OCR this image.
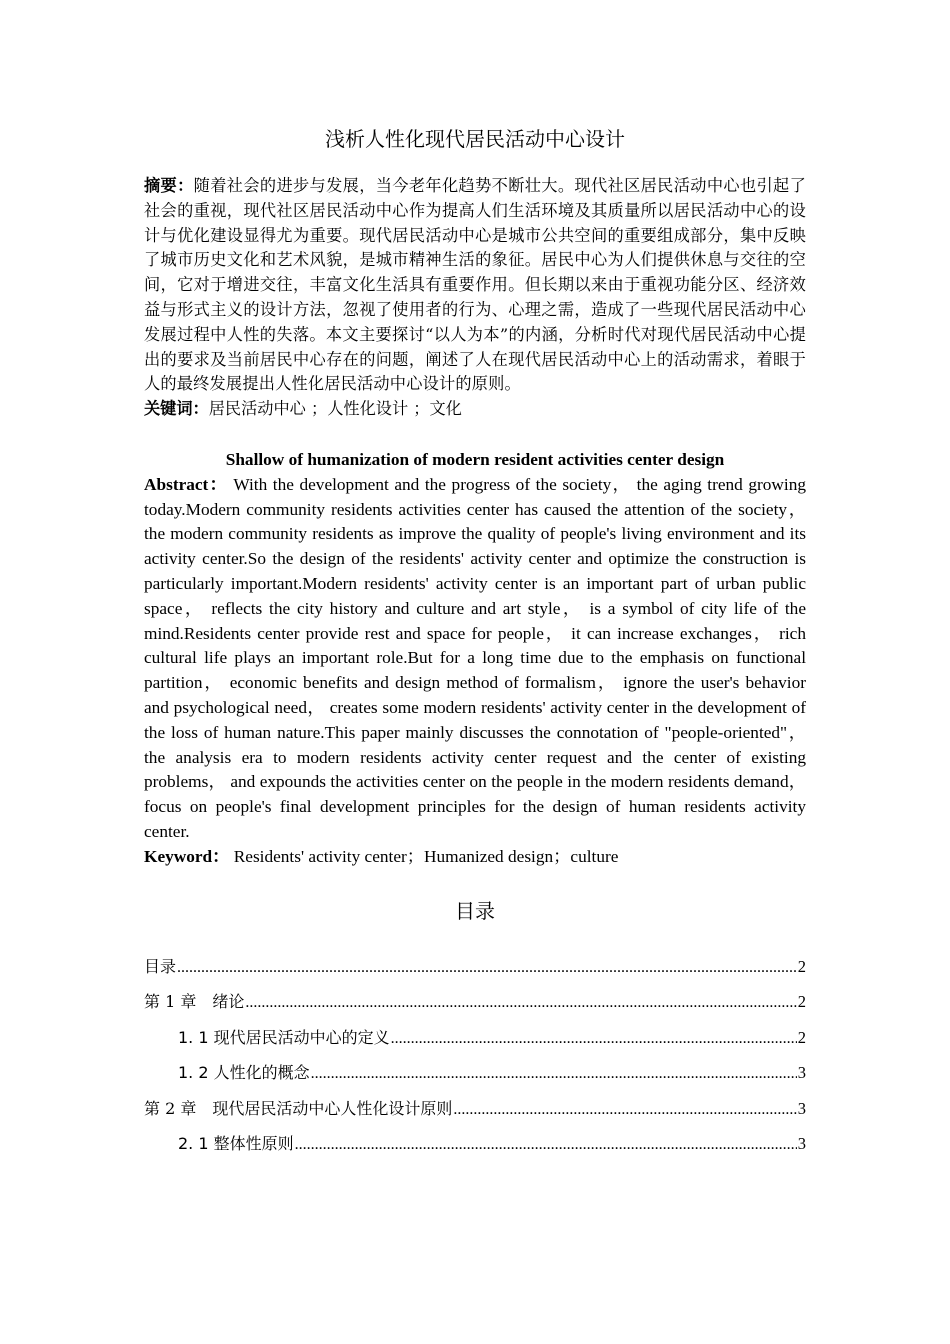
浅析人性化现代居民活动中心设计

摘要：随着社会的进步与发展，当今老年化趋势不断壮大。现代社区居民活动中心也引起了社会的重视，现代社区居民活动中心作为提高人们生活环境及其质量所以居民活动中心的设计与优化建设显得尤为重要。现代居民活动中心是城市公共空间的重要组成部分，集中反映了城市历史文化和艺术风貌，是城市精神生活的象征。居民中心为人们提供休息与交往的空间，它对于增进交往，丰富文化生活具有重要作用。但长期以来由于重视功能分区、经济效益与形式主义的设计方法，忽视了使用者的行为、心理之需，造成了一些现代居民活动中心发展过程中人性的失落。本文主要探讨“以人为本”的内涵，分析时代对现代居民活动中心提出的要求及当前居民中心存在的问题，阐述了人在现代居民活动中心上的活动需求，着眼于人的最终发展提出人性化居民活动中心设计的原则。

关键词：居民活动中心 ；人性化设计 ；文化

Shallow of humanization of modern resident activities center design

Abstract： With the development and the progress of the society， the aging trend growing today.Modern community residents activities center has caused the attention of the society， the modern community residents as improve the quality of people's living environment and its activity center.So the design of the residents' activity center and optimize the construction is particularly important.Modern residents' activity center is an important part of urban public space， reflects the city history and culture and art style， is a symbol of city life of the mind.Residents center provide rest and space for people， it can increase exchanges， rich cultural life plays an important role.But for a long time due to the emphasis on functional partition， economic benefits and design method of formalism， ignore the user's behavior and psychological need， creates some modern residents' activity center in the development of the loss of human nature.This paper mainly discusses the connotation of "people-oriented"， the analysis era to modern residents activity center request and the center of existing problems， and expounds the activities center on the people in the modern residents demand， focus on people's final development principles for the design of human residents activity center.

Keyword： Residents' activity center；Humanized design；culture

目录
目录 .....	2
第 1 章　绪论 .....	2
1. 1 现代居民活动中心的定义 .....	2
1. 2 人性化的概念 .....	3
第 2 章　现代居民活动中心人性化设计原则 .....	3
2. 1 整体性原则 .....	3
